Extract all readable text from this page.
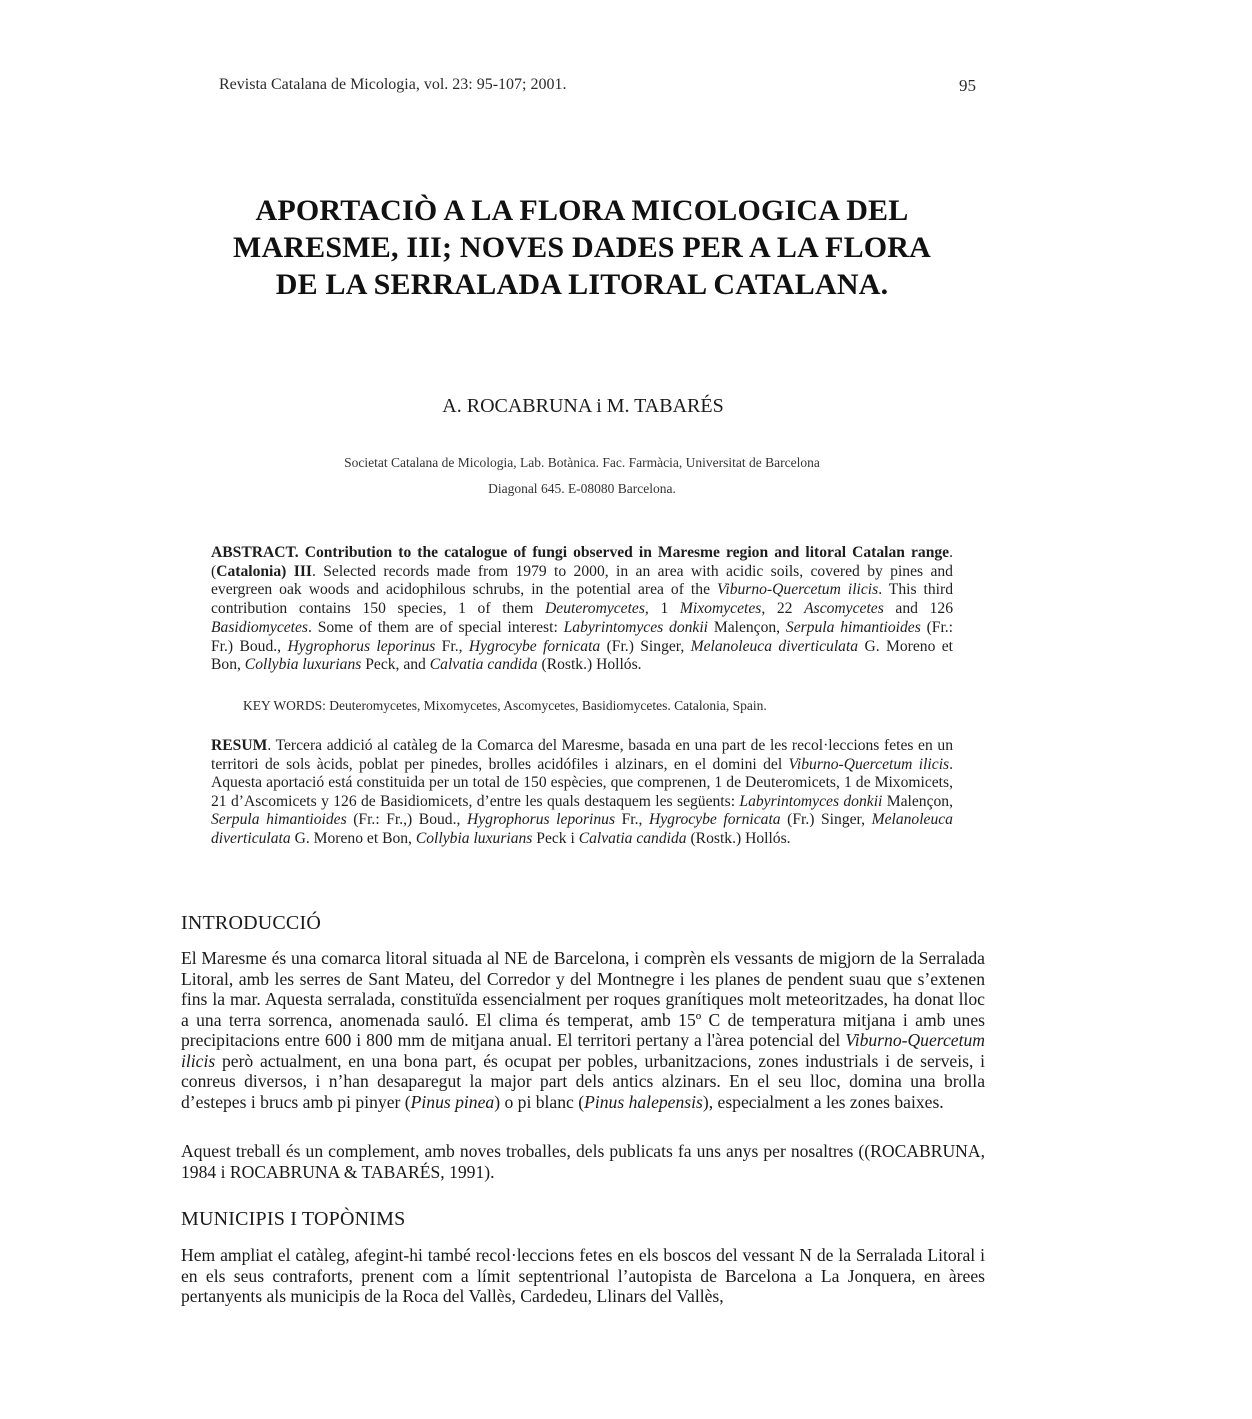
Revista Catalana de Micologia, vol. 23: 95-107; 2001.	95
APORTACIÒ A LA FLORA MICOLOGICA DEL
MARESME, III; NOVES DADES PER A LA FLORA
DE LA SERRALADA LITORAL CATALANA.
A. ROCABRUNA i M. TABARÉS
Societat Catalana de Micologia, Lab. Botànica. Fac. Farmàcia, Universitat de Barcelona
Diagonal 645. E-08080 Barcelona.
ABSTRACT. Contribution to the catalogue of fungi observed in Maresme region and litoral Catalan range. (Catalonia) III. Selected records made from 1979 to 2000, in an area with acidic soils, covered by pines and evergreen oak woods and acidophilous schrubs, in the potential area of the Viburno-Quercetum ilicis. This third contribution contains 150 species, 1 of them Deuteromycetes, 1 Mixomycetes, 22 Ascomycetes and 126 Basidiomycetes. Some of them are of special interest: Labyrintomyces donkii Malençon, Serpula himantioides (Fr.: Fr.) Boud., Hygrophorus leporinus Fr., Hygrocybe fornicata (Fr.) Singer, Melanoleuca diverticulata G. Moreno et Bon, Collybia luxurians Peck, and Calvatia candida (Rostk.) Hollós.
KEY WORDS: Deuteromycetes, Mixomycetes, Ascomycetes, Basidiomycetes. Catalonia, Spain.
RESUM. Tercera addició al catàleg de la Comarca del Maresme, basada en una part de les recol·leccions fetes en un territori de sols àcids, poblat per pinedes, brolles acidófiles i alzinars, en el domini del Viburno-Quercetum ilicis. Aquesta aportació está constituida per un total de 150 espècies, que comprenen, 1 de Deuteromicets, 1 de Mixomicets, 21 d’Ascomicets y 126 de Basidiomicets, d’entre les quals destaquem les següents: Labyrintomyces donkii Malençon, Serpula himantioides (Fr.: Fr.,) Boud., Hygrophorus leporinus Fr., Hygrocybe fornicata (Fr.) Singer, Melanoleuca diverticulata G. Moreno et Bon, Collybia luxurians Peck i Calvatia candida (Rostk.) Hollós.
INTRODUCCIÓ
El Maresme és una comarca litoral situada al NE de Barcelona, i comprèn els vessants de migjorn de la Serralada Litoral, amb les serres de Sant Mateu, del Corredor y del Montnegre i les planes de pendent suau que s’extenen fins la mar. Aquesta serralada, constituïda essencialment per roques granítiques molt meteoritzades, ha donat lloc a una terra sorrenca, anomenada sauló. El clima és temperat, amb 15º C de temperatura mitjana i amb unes precipitacions entre 600 i 800 mm de mitjana anual. El territori pertany a l'àrea potencial del Viburno-Quercetum ilicis però actualment, en una bona part, és ocupat per pobles, urbanitzacions, zones industrials i de serveis, i conreus diversos, i n’han desaparegut la major part dels antics alzinars. En el seu lloc, domina una brolla d’estepes i brucs amb pi pinyer (Pinus pinea) o pi blanc (Pinus halepensis), especialment a les zones baixes.
Aquest treball és un complement, amb noves troballes, dels publicats fa uns anys per nosaltres ((ROCABRUNA, 1984 i ROCABRUNA & TABARÉS, 1991).
MUNICIPIS I TOPÒNIMS
Hem ampliat el catàleg, afegint-hi també recol·leccions fetes en els boscos del vessant N de la Serralada Litoral i en els seus contraforts, prenent com a límit septentrional l’autopista de Barcelona a La Jonquera, en àrees pertanyents als municipis de la Roca del Vallès, Cardedeu, Llinars del Vallès,
